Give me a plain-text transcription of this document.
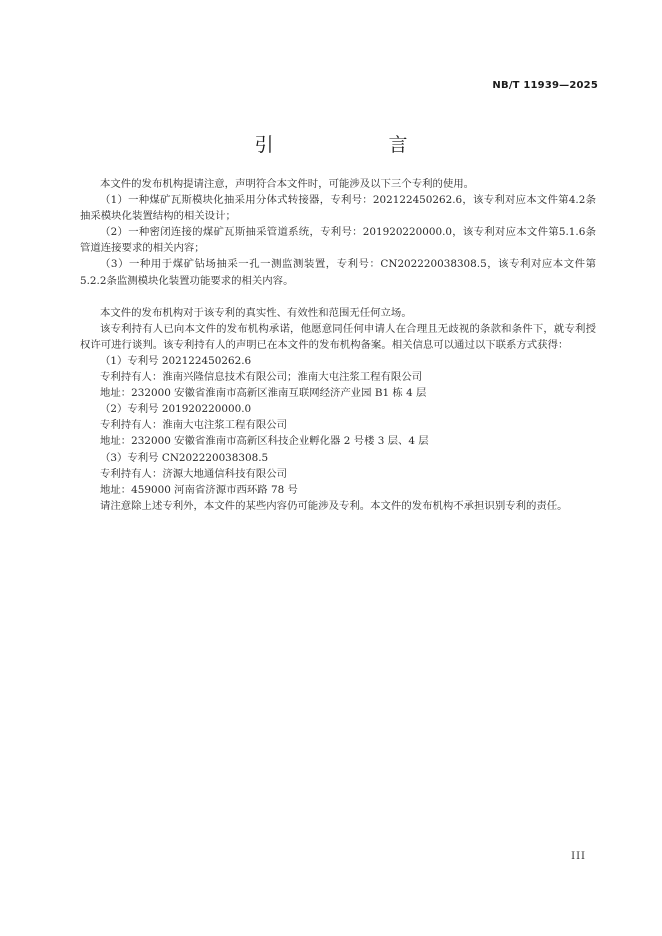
NB/T 11939—2025
引　言

本文件的发布机构提请注意，声明符合本文件时，可能涉及以下三个专利的使用。

（1）一种煤矿瓦斯模块化抽采用分体式转接器，专利号：202122450262.6，该专利对应本文件第4.2条抽采模块化装置结构的相关设计；

（2）一种密闭连接的煤矿瓦斯抽采管道系统，专利号：201920220000.0，该专利对应本文件第5.1.6条管道连接要求的相关内容；

（3）一种用于煤矿钻场抽采一孔一测监测装置，专利号：CN202220038308.5，该专利对应本文件第5.2.2条监测模块化装置功能要求的相关内容。

本文件的发布机构对于该专利的真实性、有效性和范围无任何立场。

该专利持有人已向本文件的发布机构承诺，他愿意同任何申请人在合理且无歧视的条款和条件下，就专利授权许可进行谈判。该专利持有人的声明已在本文件的发布机构备案。相关信息可以通过以下联系方式获得：

（1）专利号 202122450262.6

专利持有人：淮南兴隆信息技术有限公司；淮南大屯注浆工程有限公司

地址：232000 安徽省淮南市高新区淮南互联网经济产业园 B1 栋 4 层

（2）专利号 201920220000.0

专利持有人：淮南大屯注浆工程有限公司

地址：232000 安徽省淮南市高新区科技企业孵化器 2 号楼 3 层、4 层

（3）专利号 CN202220038308.5

专利持有人：济源大地通信科技有限公司

地址：459000 河南省济源市西环路 78 号

请注意除上述专利外，本文件的某些内容仍可能涉及专利。本文件的发布机构不承担识别专利的责任。

III
